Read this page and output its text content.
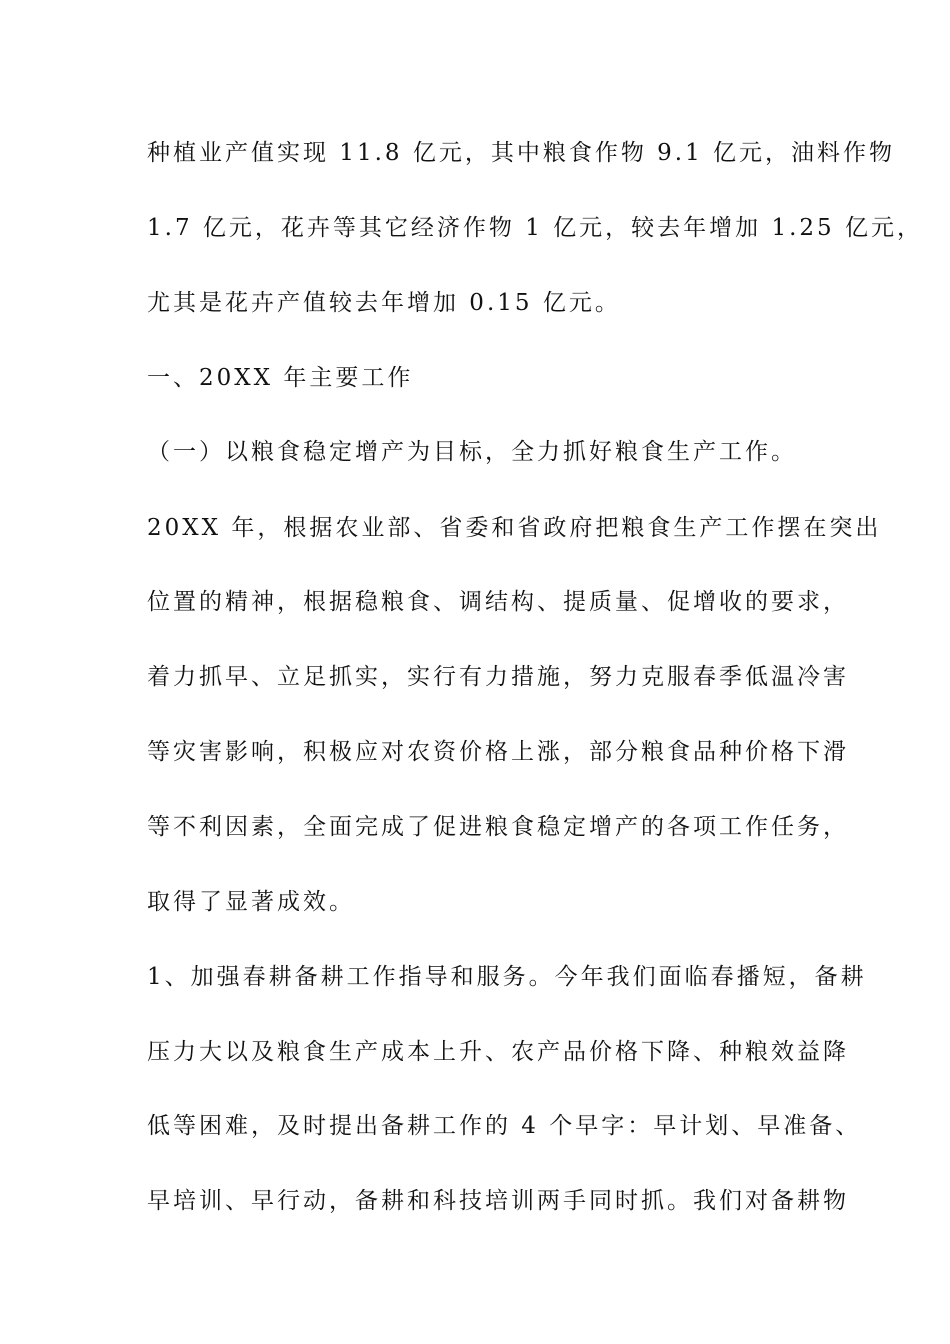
种植业产值实现 11.8 亿元，其中粮食作物 9.1 亿元，油料作物
1.7 亿元，花卉等其它经济作物 1 亿元，较去年增加 1.25 亿元，
尤其是花卉产值较去年增加 0.15 亿元。
一、20XX 年主要工作
（一）以粮食稳定增产为目标，全力抓好粮食生产工作。
20XX 年，根据农业部、省委和省政府把粮食生产工作摆在突出
位置的精神，根据稳粮食、调结构、提质量、促增收的要求，
着力抓早、立足抓实，实行有力措施，努力克服春季低温冷害
等灾害影响，积极应对农资价格上涨，部分粮食品种价格下滑
等不利因素，全面完成了促进粮食稳定增产的各项工作任务，
取得了显著成效。
1、加强春耕备耕工作指导和服务。今年我们面临春播短，备耕
压力大以及粮食生产成本上升、农产品价格下降、种粮效益降
低等困难，及时提出备耕工作的 4 个早字：早计划、早准备、
早培训、早行动，备耕和科技培训两手同时抓。我们对备耕物
